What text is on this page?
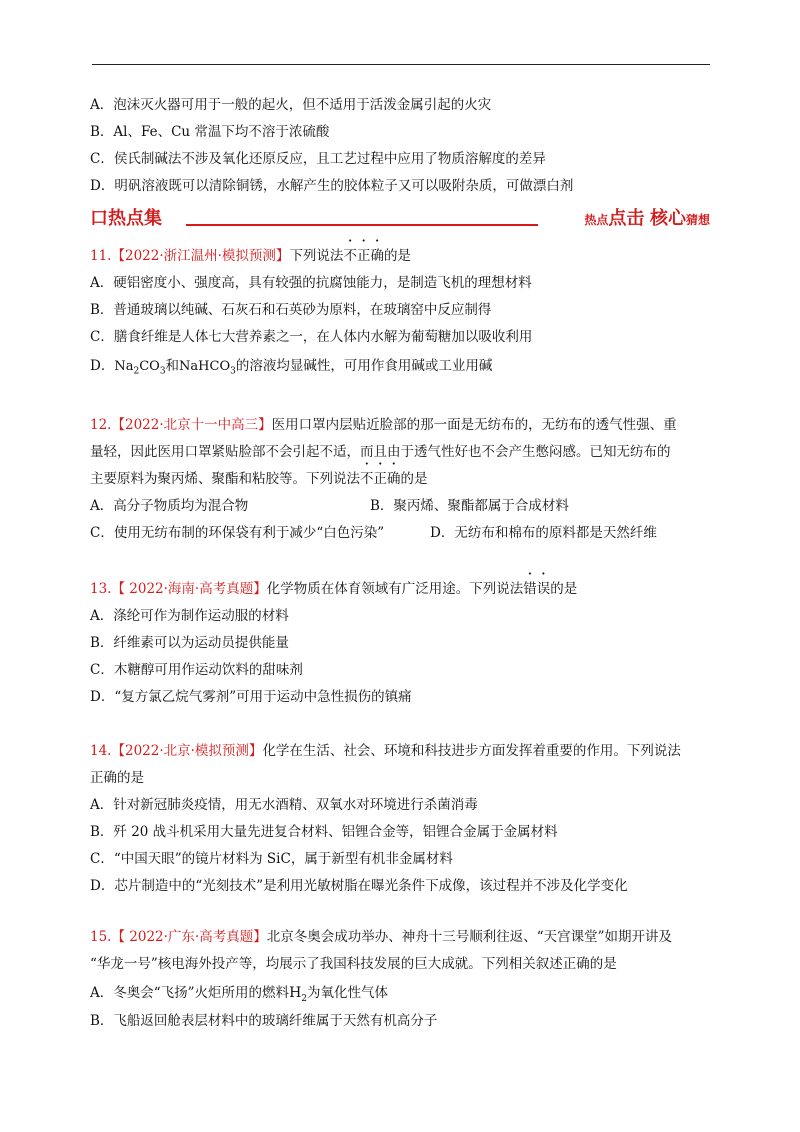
A．泡沫灭火器可用于一般的起火，但不适用于活泼金属引起的火灾
B．Al、Fe、Cu 常温下均不溶于浓硫酸
C．侯氏制碱法不涉及氧化还原反应，且工艺过程中应用了物质溶解度的差异
D．明矾溶液既可以清除铜锈，水解产生的胶体粒子又可以吸附杂质，可做漂白剂
口热点集	热点点击 核心猜想
11.【2022·浙江温州·模拟预测】下列说法不正确的是
A．硬铝密度小、强度高，具有较强的抗腐蚀能力，是制造飞机的理想材料
B．普通玻璃以纯碱、石灰石和石英砂为原料，在玻璃窑中反应制得
C．膳食纤维是人体七大营养素之一，在人体内水解为葡萄糖加以吸收利用
D．$Na_2CO_3$和NaHCO$_3$的溶液均显碱性，可用作食用碱或工业用碱
12.【2022·北京十一中高三】医用口罩内层贴近脸部的那一面是无纺布的，无纺布的透气性强、重
量轻，因此医用口罩紧贴脸部不会引起不适，而且由于透气性好也不会产生憋闷感。已知无纺布的
主要原料为聚丙烯、聚酯和粘胶等。下列说法不正确的是
A．高分子物质均为混合物	B．聚丙烯、聚酯都属于合成材料
C．使用无纺布制的环保袋有利于减少“白色污染”	D．无纺布和棉布的原料都是天然纤维
13.【 2022·海南·高考真题】化学物质在体育领域有广泛用途。下列说法错误的是
A．涤纶可作为制作运动服的材料
B．纤维素可以为运动员提供能量
C．木糖醇可用作运动饮料的甜味剂
D．“复方氯乙烷气雾剂”可用于运动中急性损伤的镇痛
14.【2022·北京·模拟预测】化学在生活、社会、环境和科技进步方面发挥着重要的作用。下列说法
正确的是
A．针对新冠肺炎疫情，用无水酒精、双氧水对环境进行杀菌消毒
B．歼 20 战斗机采用大量先进复合材料、铝锂合金等，铝锂合金属于金属材料
C．“中国天眼”的镜片材料为 SiC，属于新型有机非金属材料
D．芯片制造中的“光刻技术”是利用光敏树脂在曝光条件下成像，该过程并不涉及化学变化
15.【 2022·广东·高考真题】北京冬奥会成功举办、神舟十三号顺利往返、“天宫课堂”如期开讲及
“华龙一号”核电海外投产等，均展示了我国科技发展的巨大成就。下列相关叙述正确的是
A．冬奥会“飞扬”火炬所用的燃料$H_2$为氧化性气体
B．飞船返回舱表层材料中的玻璃纤维属于天然有机高分子
